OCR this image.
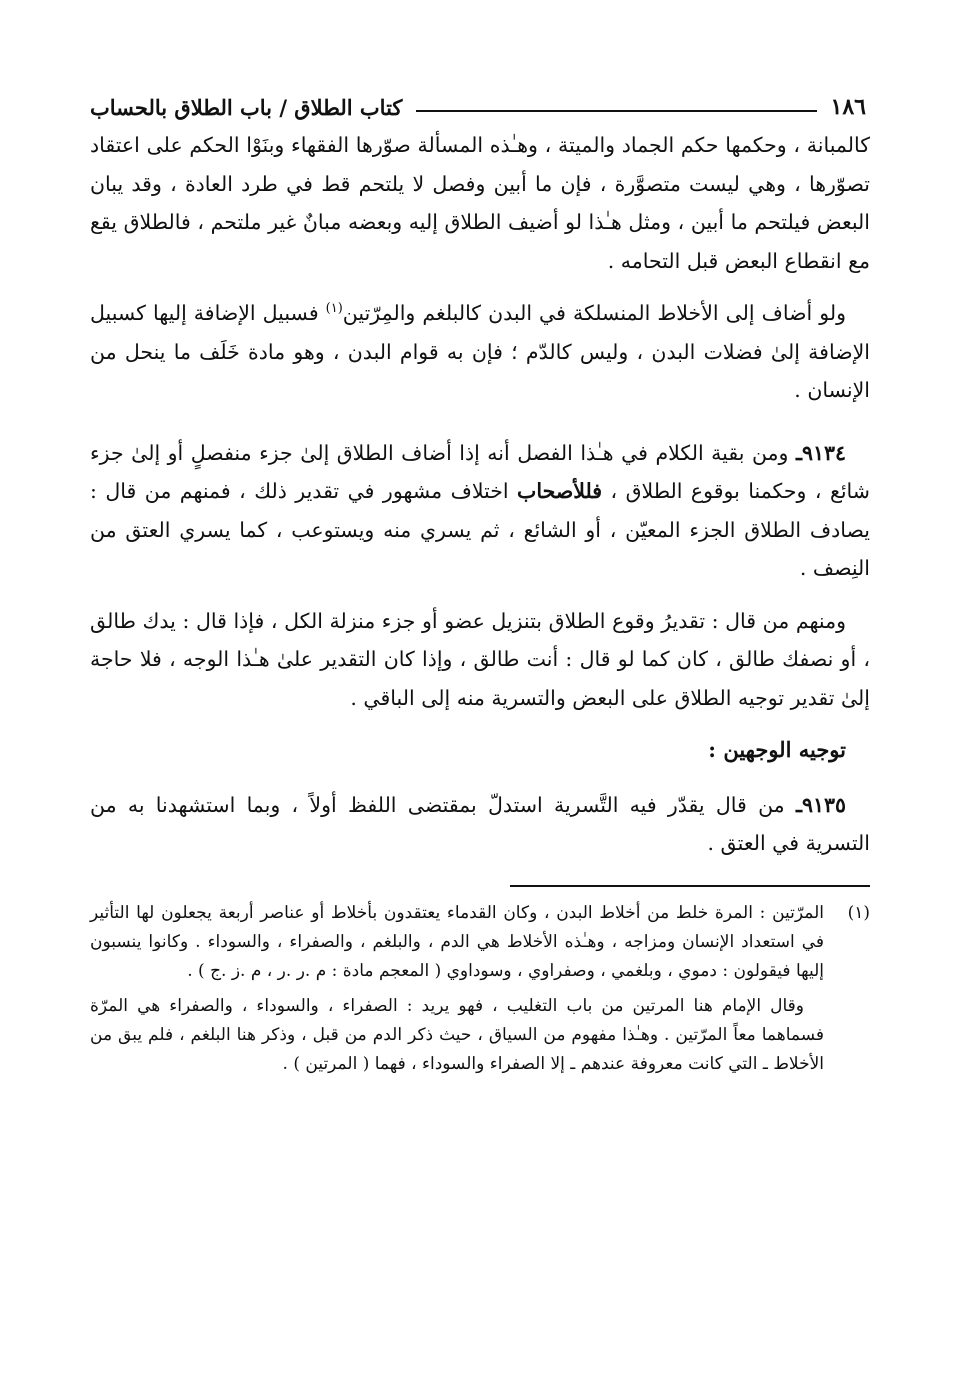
١٨٦
كتاب الطلاق / باب الطلاق بالحساب

كالمبانة ، وحكمها حكم الجماد والميتة ، وهـٰذه المسألة صوّرها الفقهاء وبنَوْا الحكم على اعتقاد تصوّرها ، وهي ليست متصوَّرة ، فإن ما أبين وفصل لا يلتحم قط في طرد العادة ، وقد يبان البعض فيلتحم ما أبين ، ومثل هـٰذا لو أضيف الطلاق إليه وبعضه مبانٌ غير ملتحم ، فالطلاق يقع مع انقطاع البعض قبل التحامه .

ولو أضاف إلى الأخلاط المنسلكة في البدن كالبلغم والمِرّتين$^{(١)}$ فسبيل الإضافة إليها كسبيل الإضافة إلىٰ فضلات البدن ، وليس كالدّم ؛ فإن به قوام البدن ، وهو مادة خَلَف ما ينحل من الإنسان .

٩١٣٤ـ ومن بقية الكلام في هـٰذا الفصل أنه إذا أضاف الطلاق إلىٰ جزء منفصلٍ أو إلىٰ جزء شائع ، وحكمنا بوقوع الطلاق ، فللأصحاب اختلاف مشهور في تقدير ذلك ، فمنهم من قال : يصادف الطلاق الجزء المعيّن ، أو الشائع ، ثم يسري منه ويستوعب ، كما يسري العتق من النِصف .

ومنهم من قال : تقديرُ وقوع الطلاق بتنزيل عضو أو جزء منزلة الكل ، فإذا قال : يدك طالق ، أو نصفك طالق ، كان كما لو قال : أنت طالق ، وإذا كان التقدير علىٰ هـٰذا الوجه ، فلا حاجة إلىٰ تقدير توجيه الطلاق على البعض والتسرية منه إلى الباقي .

توجيه الوجهين :

٩١٣٥ـ من قال يقدّر فيه التَّسرية استدلّ بمقتضى اللفظ أولاً ، وبما استشهدنا به من التسرية في العتق .

(١)

المرّتين : المرة خلط من أخلاط البدن ، وكان القدماء يعتقدون بأخلاط أو عناصر أربعة يجعلون لها التأثير في استعداد الإنسان ومزاجه ، وهـٰذه الأخلاط هي الدم ، والبلغم ، والصفراء ، والسوداء . وكانوا ينسبون إليها فيقولون : دموي ، وبلغمي ، وصفراوي ، وسوداوي ( المعجم مادة : م .ر .ر ، م .ز .ج ) .

وقال الإمام هنا المرتين من باب التغليب ، فهو يريد : الصفراء ، والسوداء ، والصفراء هي المرّة فسماهما معاً المرّتين . وهـٰذا مفهوم من السياق ، حيث ذكر الدم من قبل ، وذكر هنا البلغم ، فلم يبق من الأخلاط ـ التي كانت معروفة عندهم ـ إلا الصفراء والسوداء ، فهما ( المرتين ) .
